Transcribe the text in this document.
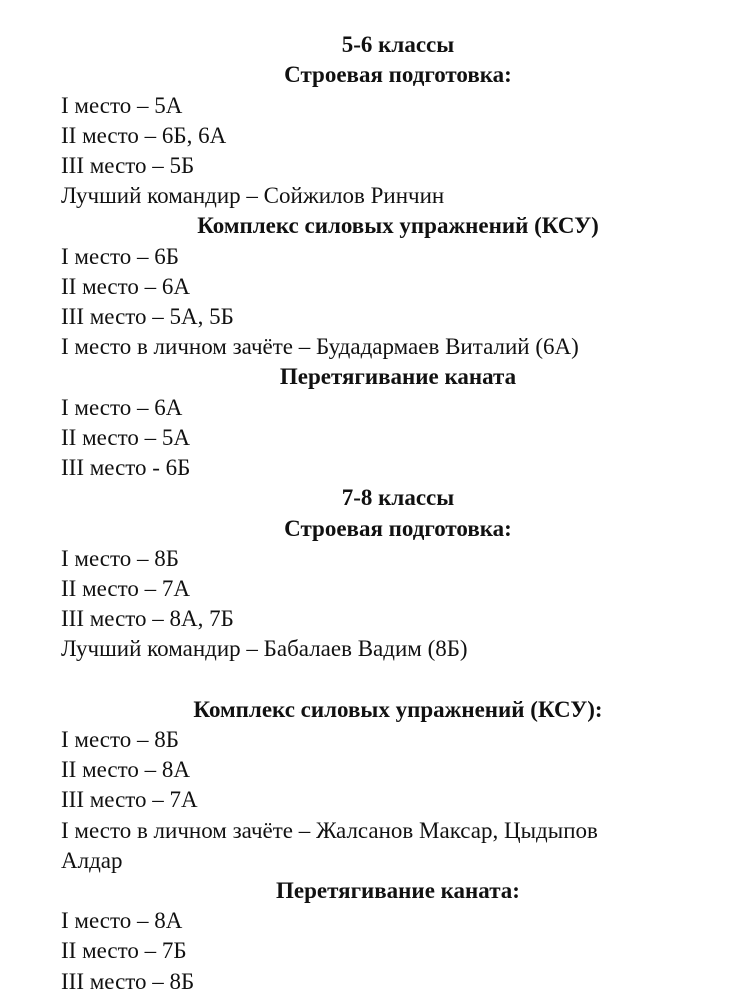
5-6 классы
Строевая подготовка:
I место – 5А
II место – 6Б, 6А
III место – 5Б
Лучший командир – Сойжилов Ринчин
Комплекс силовых упражнений (КСУ)
I место – 6Б
II место – 6А
III место – 5А, 5Б
I место в личном зачёте – Будадармаев Виталий (6А)
Перетягивание каната
I место – 6А
II место – 5А
III место - 6Б
7-8 классы
Строевая подготовка:
I место – 8Б
II место – 7А
III место – 8А, 7Б
Лучший командир – Бабалаев Вадим (8Б)
Комплекс силовых упражнений (КСУ):
I место – 8Б
II место – 8А
III место – 7А
I место в личном зачёте – Жалсанов Максар, Цыдыпов
Алдар
Перетягивание каната:
I место – 8А
II место – 7Б
III место – 8Б
